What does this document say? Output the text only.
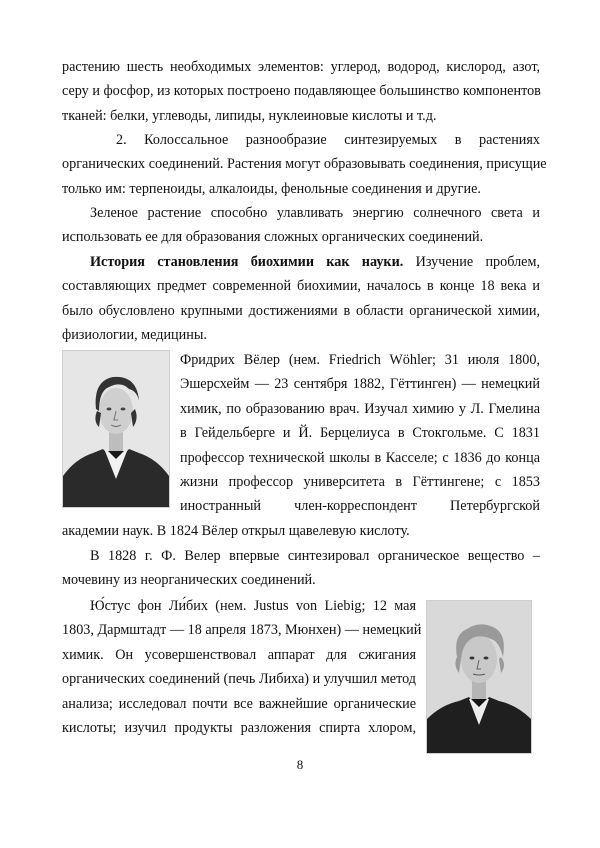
растению шесть необходимых элементов: углерод, водород, кислород, азот,
серу и фосфор, из которых построено подавляющее большинство компонентов
тканей: белки, углеводы, липиды, нуклеиновые кислоты и т.д.
2. Колоссальное разнообразие синтезируемых в растениях
органических соединений. Растения могут образовывать соединения, присущие
только им: терпеноиды, алкалоиды, фенольные соединения и другие.
Зеленое растение способно улавливать энергию солнечного света и
использовать ее для образования сложных органических соединений.
История становления биохимии как науки. Изучение проблем,
составляющих предмет современной биохимии, началось в конце 18 века и
было обусловлено крупными достижениями в области органической химии,
физиологии, медицины.
Фридрих Вёлер (нем. Friedrich Wöhler; 31 июля 1800,
Эшерсхейм — 23 сентября 1882, Гёттинген) — немецкий
химик, по образованию врач. Изучал химию у Л. Гмелина
в Гейдельберге и Й. Берцелиуса в Стокгольме. С 1831
профессор технической школы в Касселе; с 1836 до конца
жизни профессор университета в Гёттингене; с 1853
иностранный член-корреспондент Петербургской
академии наук. В 1824 Вёлер открыл щавелевую кислоту.
В 1828 г. Ф. Велер впервые синтезировал органическое вещество –
мочевину из неорганических соединений.
Ю́стус фон Ли́бих (нем. Justus von Liebig; 12 мая
1803, Дармштадт — 18 апреля 1873, Мюнхен) — немецкий
химик. Он усовершенствовал аппарат для сжигания
органических соединений (печь Либиха) и улучшил метод
анализа; исследовал почти все важнейшие органические
кислоты; изучил продукты разложения спирта хлором,
8
